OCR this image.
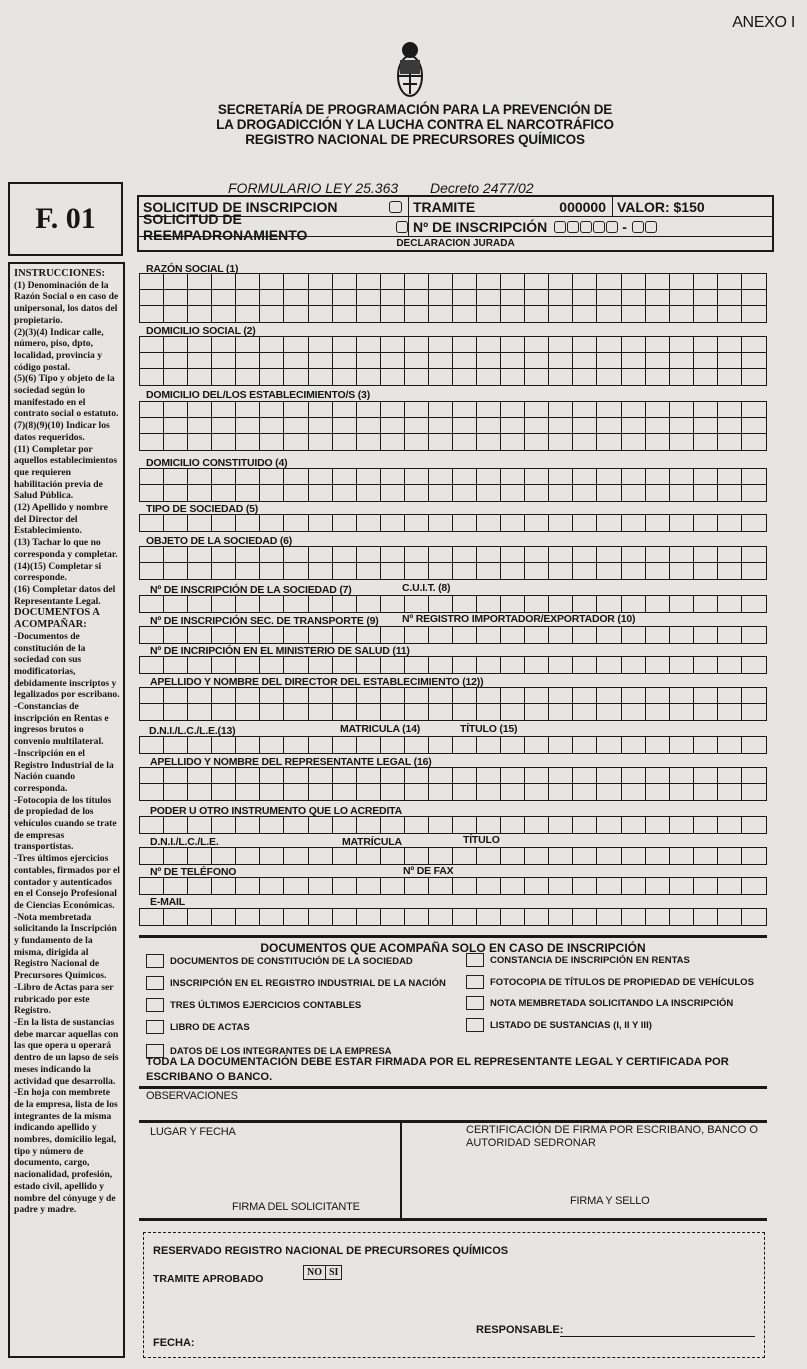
ANEXO I
SECRETARÍA DE PROGRAMACIÓN PARA LA PREVENCIÓN DE
LA DROGADICCIÓN Y LA LUCHA CONTRA EL NARCOTRÁFICO
REGISTRO NACIONAL DE PRECURSORES QUÍMICOS
F. 01
FORMULARIO LEY 25.363 Decreto 2477/02
SOLICITUD DE INSCRIPCION	TRAMITE	000000 VALOR: $150
SOLICITUD DE REEMPADRONAMIENTO	Nº DE INSCRIPCIÓN	-
DECLARACION JURADA

INSTRUCCIONES:

(1) Denominación de la Razón Social o en caso de unipersonal, los datos del propietario.

(2)(3)(4) Indicar calle, número, piso, dpto, localidad, provincia y código postal.

(5)(6) Tipo y objeto de la sociedad según lo manifestado en el contrato social o estatuto.

(7)(8)(9)(10) Indicar los datos requeridos.

(11) Completar por aquellos establecimientos que requieren habilitación previa de Salud Pública.

(12) Apellido y nombre del Director del Establecimiento.

(13) Tachar lo que no corresponda y completar.

(14)(15) Completar si corresponde.

(16) Completar datos del Representante Legal.

DOCUMENTOS A ACOMPAÑAR:

-Documentos de constitución de la sociedad con sus modificatorias, debidamente inscriptos y legalizados por escribano.

-Constancias de inscripción en Rentas e ingresos brutos o convenio multilateral.

-Inscripción en el Registro Industrial de la Nación cuando corresponda.

-Fotocopia de los títulos de propiedad de los vehículos cuando se trate de empresas transportistas.

-Tres últimos ejercicios contables, firmados por el contador y autenticados en el Consejo Profesional de Ciencias Económicas.

-Nota membretada solicitando la Inscripción y fundamento de la misma, dirigida al Registro Nacional de Precursores Químicos.

-Libro de Actas para ser rubricado por este Registro.

-En la lista de sustancias debe marcar aquellas con las que opera u operará dentro de un lapso de seis meses indicando la actividad que desarrolla.

-En hoja con membrete de la empresa, lista de los integrantes de la misma indicando apellido y nombres, domicilio legal, tipo y número de documento, cargo, nacionalidad, profesión, estado civil, apellido y nombre del cónyuge y de padre y madre.

RAZÓN SOCIAL (1)
DOMICILIO SOCIAL (2)
DOMICILIO DEL/LOS ESTABLECIMIENTO/S (3)
DOMICILIO CONSTITUIDO (4)
TIPO DE SOCIEDAD (5)
OBJETO DE LA SOCIEDAD (6)
Nº DE INSCRIPCIÓN DE LA SOCIEDAD (7)	C.U.I.T. (8)
Nº DE INSCRIPCIÓN SEC. DE TRANSPORTE (9) Nº REGISTRO IMPORTADOR/EXPORTADOR (10)
Nº DE INCRIPCIÓN EN EL MINISTERIO DE SALUD (11)
APELLIDO Y NOMBRE DEL DIRECTOR DEL ESTABLECIMIENTO (12))
D.N.I./L.C./L.E.(13)	MATRICULA (14)	TÍTULO (15)
APELLIDO Y NOMBRE DEL REPRESENTANTE LEGAL (16)
PODER U OTRO INSTRUMENTO QUE LO ACREDITA
D.N.I./L.C./L.E.	MATRÍCULA	TÍTULO
Nº DE TELÉFONO	Nº DE FAX
E-MAIL
DOCUMENTOS QUE ACOMPAÑA SOLO EN CASO DE INSCRIPCIÓN
DOCUMENTOS DE CONSTITUCIÓN DE LA SOCIEDAD
INSCRIPCIÓN EN EL REGISTRO INDUSTRIAL DE LA NACIÓN
TRES ÚLTIMOS EJERCICIOS CONTABLES
LIBRO DE ACTAS
DATOS DE LOS INTEGRANTES DE LA EMPRESA
CONSTANCIA DE INSCRIPCIÓN EN RENTAS
FOTOCOPIA DE TÍTULOS DE PROPIEDAD DE VEHÍCULOS
NOTA MEMBRETADA SOLICITANDO LA INSCRIPCIÓN
LISTADO DE SUSTANCIAS (I, II Y III)
TODA LA DOCUMENTACIÓN DEBE ESTAR FIRMADA POR EL REPRESENTANTE LEGAL Y CERTIFICADA POR ESCRIBANO O BANCO.
OBSERVACIONES
LUGAR Y FECHA
FIRMA DEL SOLICITANTE
CERTIFICACIÓN DE FIRMA POR ESCRIBANO, BANCO O AUTORIDAD SEDRONAR
FIRMA Y SELLO
RESERVADO REGISTRO NACIONAL DE PRECURSORES QUÍMICOS
TRAMITE APROBADO
NO SI
RESPONSABLE:
FECHA:
